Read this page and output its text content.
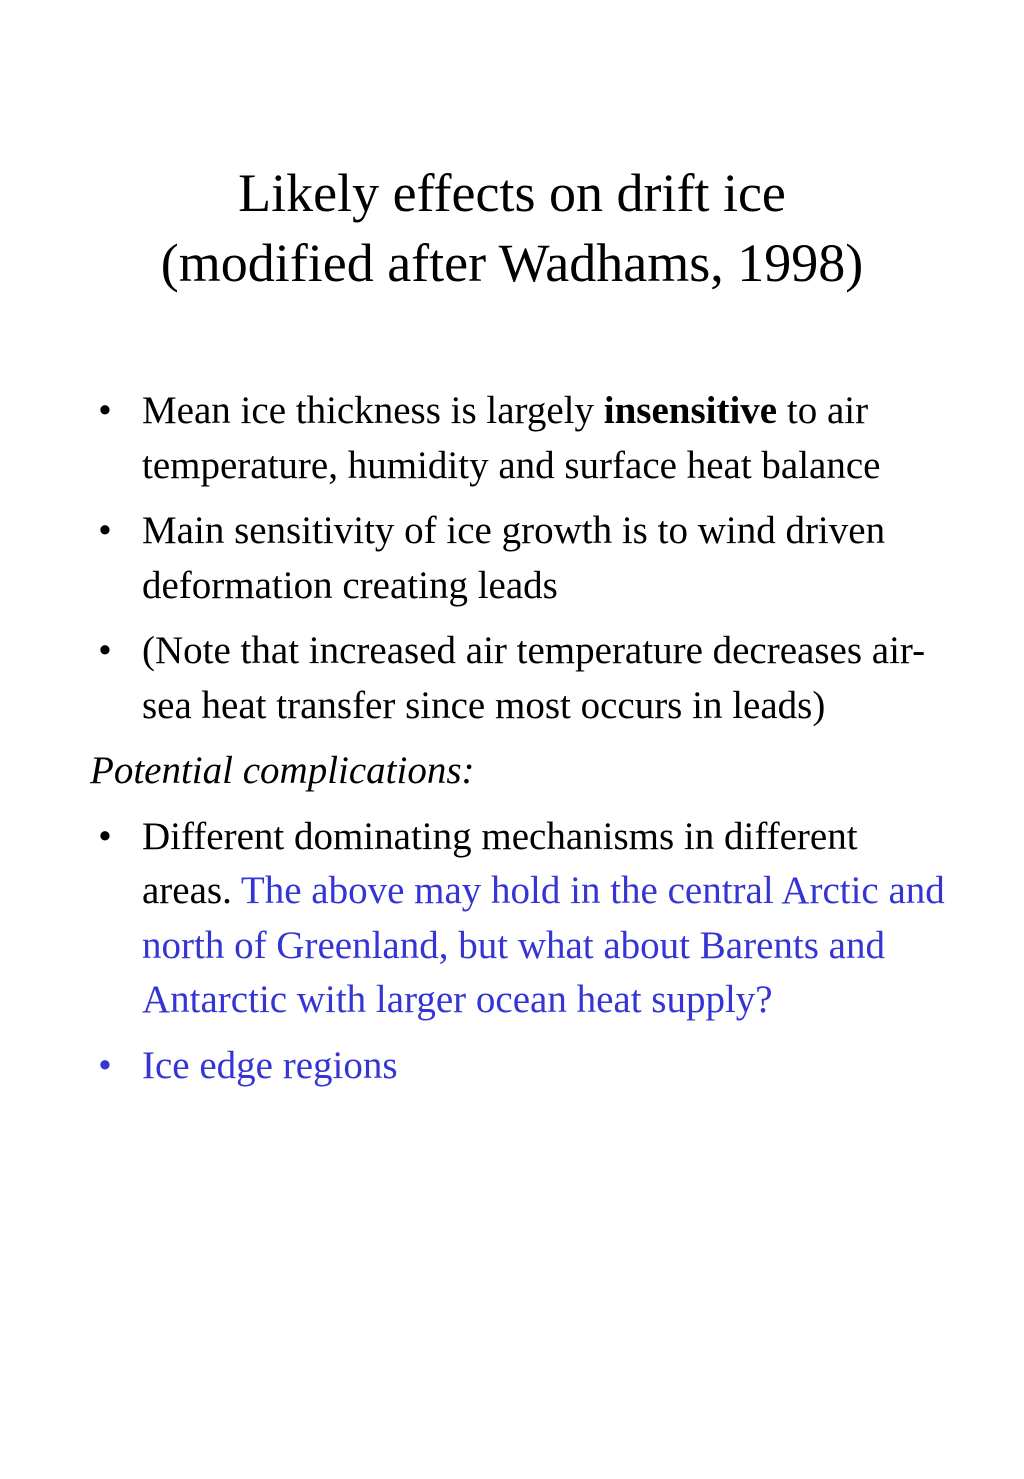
Likely effects on drift ice
(modified after Wadhams, 1998)
• Mean ice thickness is largely insensitive to air temperature, humidity and surface heat balance
• Main sensitivity of ice growth is to wind driven deformation creating leads
• (Note that increased air temperature decreases air-sea heat transfer since most occurs in leads)
Potential complications:
• Different dominating mechanisms in different areas. The above may hold in the central Arctic and north of Greenland, but what about Barents and Antarctic with larger ocean heat supply?
• Ice edge regions
